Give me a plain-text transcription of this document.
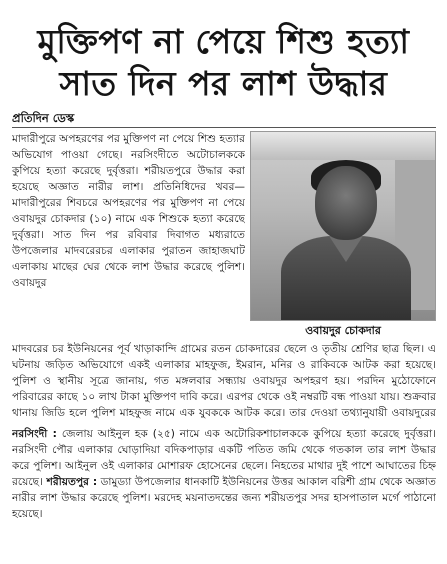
মুক্তিপণ না পেয়ে শিশু হত্যা
সাত দিন পর লাশ উদ্ধার
প্রতিদিন ডেস্ক
মাদারীপুরে অপহরণের পর মুক্তিপণ না পেয়ে শিশু হত্যার অভিযোগ পাওয়া গেছে। নরসিংদীতে অটোচালককে কুপিয়ে হত্যা করেছে দুর্বৃত্তরা। শরীয়তপুরে উদ্ধার করা হয়েছে অজ্ঞাত নারীর লাশ। প্রতিনিধিদের খবর— মাদারীপুরের শিবচরে অপহরণের পর মুক্তিপণ না পেয়ে ওবায়দুর চোকদার (১০) নামে এক শিশুকে হত্যা করেছে দুর্বৃত্তরা। সাত দিন পর রবিবার দিবাগত মধ্যরাতে উপজেলার মাদবরেরচর এলাকার পুরাতন জাহাজঘাট এলাকায় মাছের ঘের থেকে লাশ উদ্ধার করেছে পুলিশ। ওবায়দুর
ওবায়দুর চোকদার
মাদবরের চর ইউনিয়নের পূর্ব খাড়াকান্দি গ্রামের রতন চোকদারের ছেলে ও তৃতীয় শ্রেণির ছাত্র ছিল। এ ঘটনায় জড়িত অভিযোগে একই এলাকার মাহফুজ, ইমরান, মনির ও রাকিবকে আটক করা হয়েছে। পুলিশ ও স্থানীয় সূত্রে জানায়, গত মঙ্গলবার সন্ধ্যায় ওবায়দুর অপহরণ হয়। পরদিন মুঠোফোনে পরিবারের কাছে ১০ লাখ টাকা মুক্তিপণ দাবি করে। এরপর থেকে ওই নম্বরটি বন্ধ পাওয়া যায়। শুক্রবার থানায় জিডি হলে পুলিশ মাহফুজ নামে এক যুবককে আটক করে। তার দেওয়া তথ্যানুযায়ী ওবায়দুরের
নরসিংদী : জেলায় আইনুল হক (২৫) নামে এক অটোরিকশাচালককে কুপিয়ে হত্যা করেছে দুর্বৃত্তরা। নরসিংদী পৌর এলাকার ঘোড়াদিয়া বদিকপাড়ার একটি পতিত জমি থেকে গতকাল তার লাশ উদ্ধার করে পুলিশ। আইনুল ওই এলাকার মোশারফ হোসেনের ছেলে। নিহতের মাথার দুই পাশে আঘাতের চিহ্ন রয়েছে। শরীয়তপুর : ডামুড্যা উপজেলার ধানকাটি ইউনিয়নের উত্তর আকাল বরিশী গ্রাম থেকে অজ্ঞাত নারীর লাশ উদ্ধার করেছে পুলিশ। মরদেহ ময়নাতদন্তের জন্য শরীয়তপুর সদর হাসপাতাল মর্গে পাঠানো হয়েছে।
